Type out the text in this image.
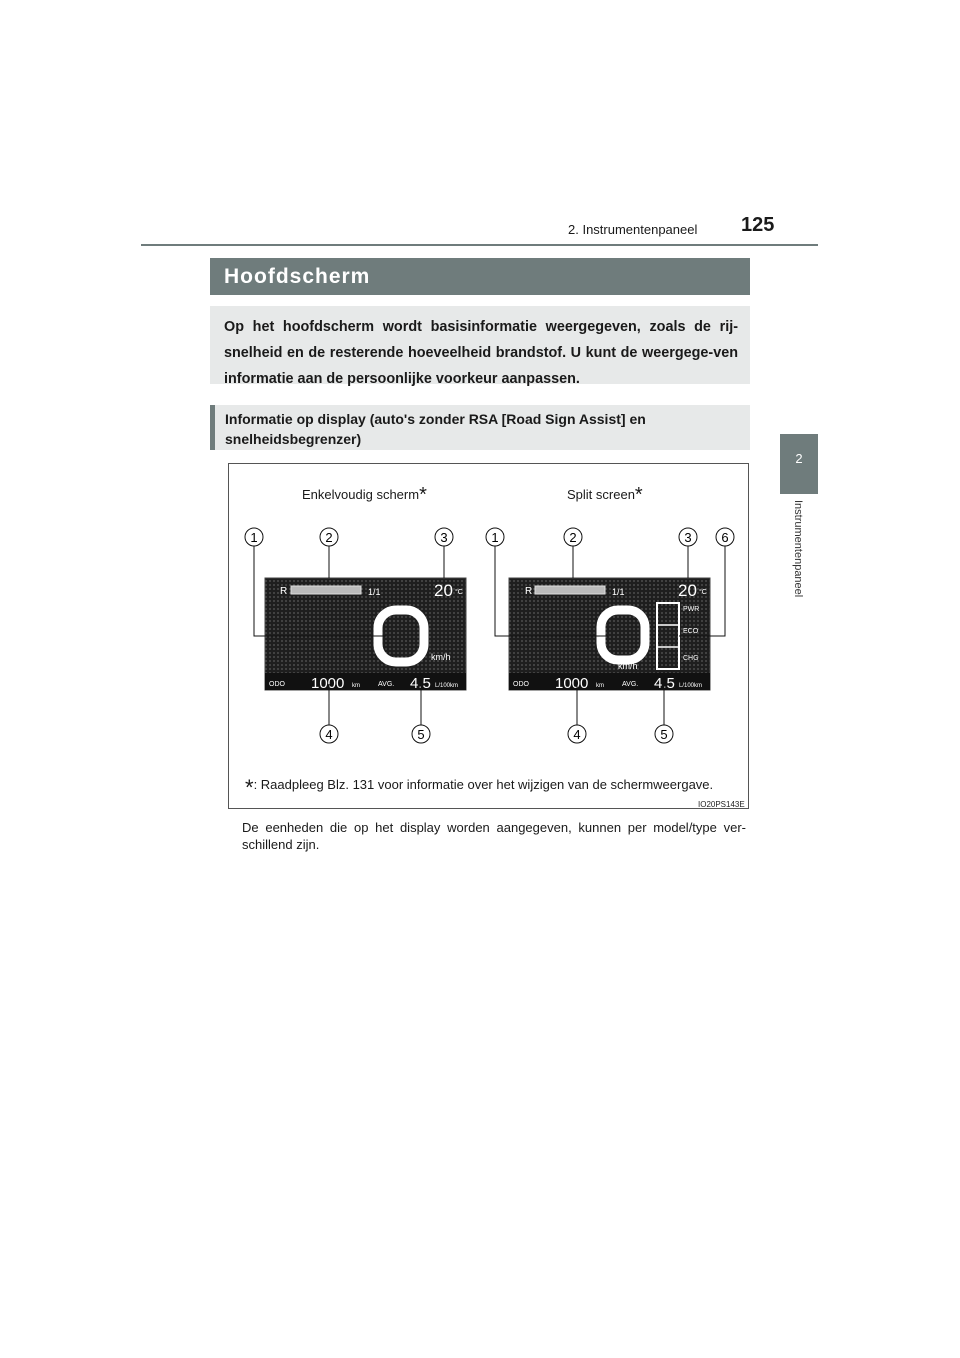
125
2. Instrumentenpaneel
2
Instrumentenpaneel
Hoofdscherm
Op het hoofdscherm wordt basisinformatie weergegeven, zoals de rij-snelheid en de resterende hoeveelheid brandstof. U kunt de weergege-ven informatie aan de persoonlijke voorkeur aanpassen.
Informatie op display (auto's zonder RSA [Road Sign Assist] en snelheidsbegrenzer)
Enkelvoudig scherm*	Split screen*
R	1/1	20 °C
km/h
ODO 1000 km	AVG. 4.5 L/100km
R	1/1	20 °C
km/h
PWR
ECO
CHG
ODO 1000 km	AVG. 4.5 L/100km
1	2	3
4	5
1	2	3 6
4	5
*: Raadpleeg Blz. 131 voor informatie over het wijzigen van de schermweergave.
IO20PS143E
De eenheden die op het display worden aangegeven, kunnen per model/type ver-schillend zijn.
